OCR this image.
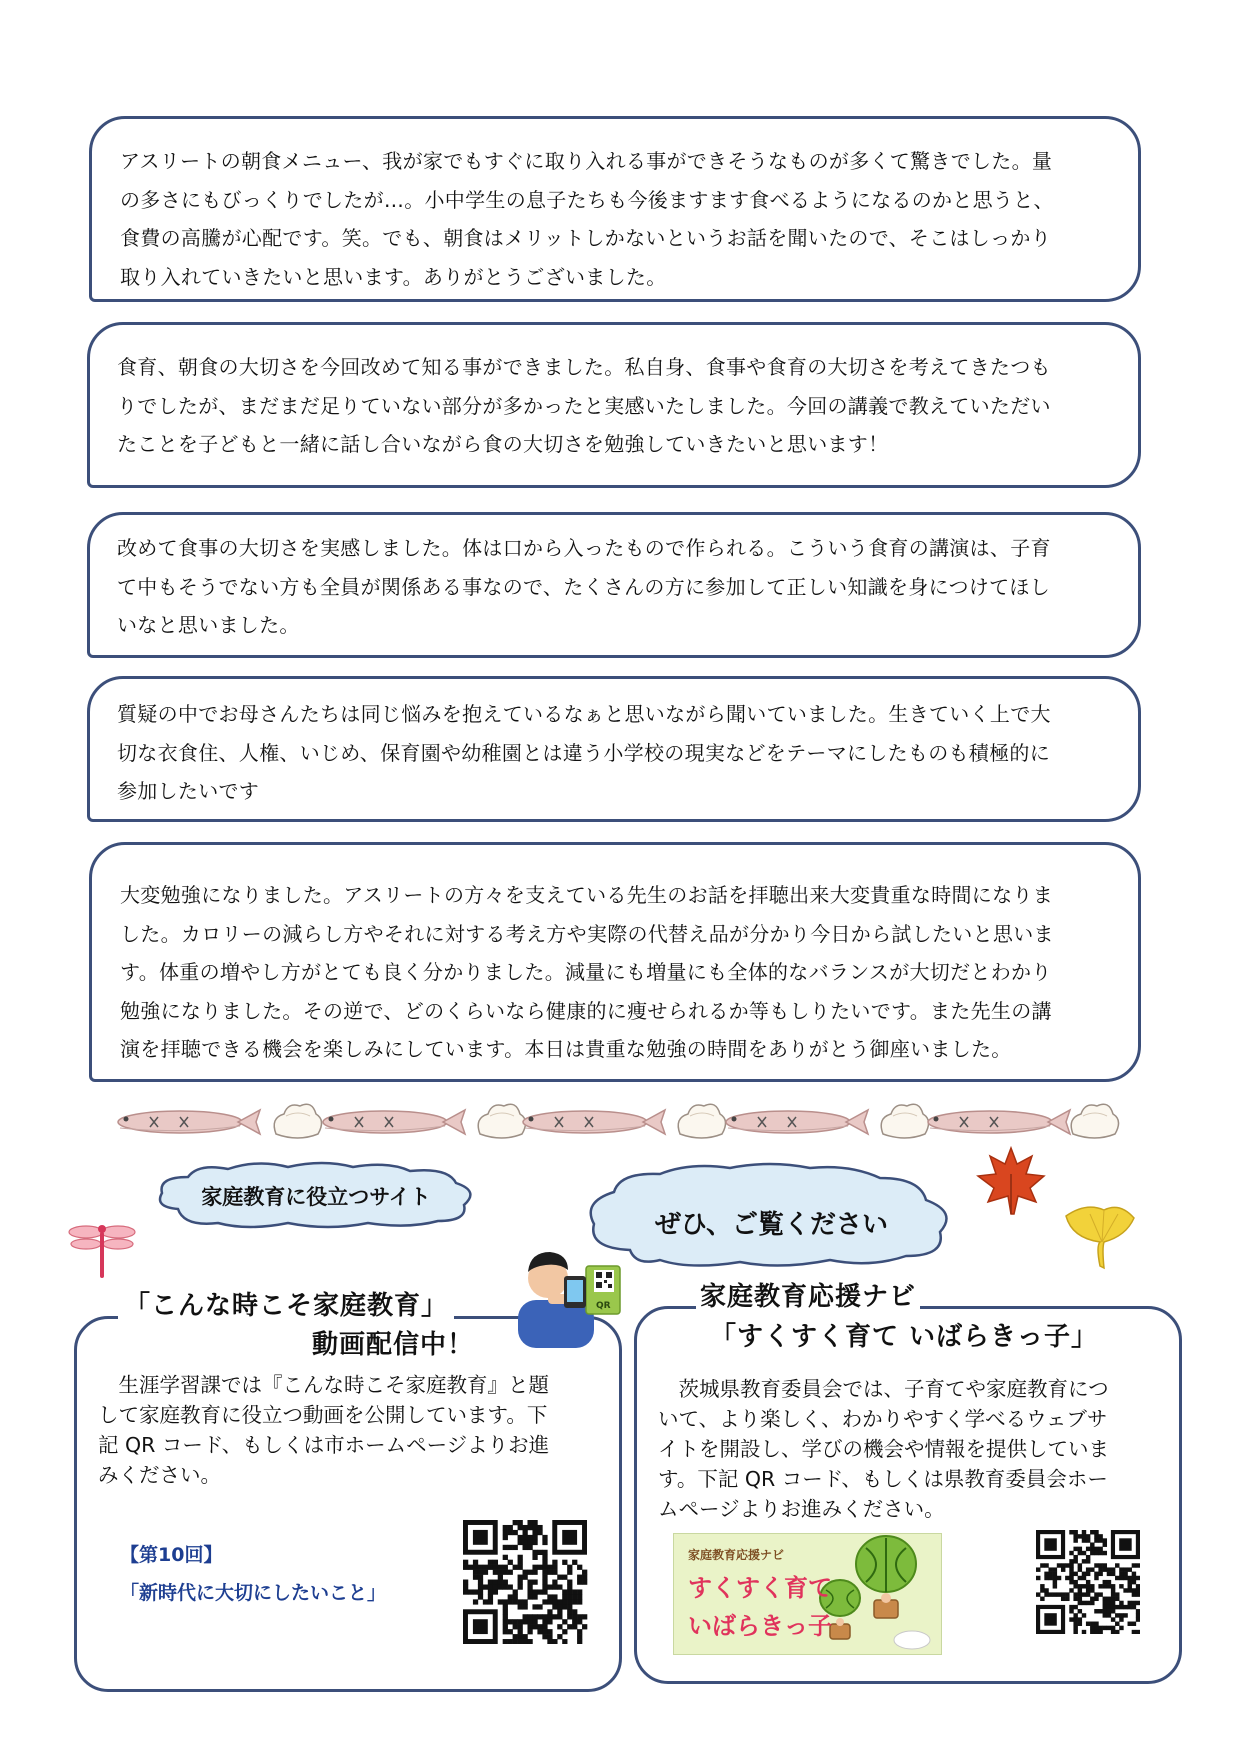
アスリートの朝食メニュー、我が家でもすぐに取り入れる事ができそうなものが多くて驚きでした。量
の多さにもびっくりでしたが…。小中学生の息子たちも今後ますます食べるようになるのかと思うと、
食費の高騰が心配です。笑。でも、朝食はメリットしかないというお話を聞いたので、そこはしっかり
取り入れていきたいと思います。ありがとうございました。
食育、朝食の大切さを今回改めて知る事ができました。私自身、食事や食育の大切さを考えてきたつも
りでしたが、まだまだ足りていない部分が多かったと実感いたしました。今回の講義で教えていただい
たことを子どもと一緒に話し合いながら食の大切さを勉強していきたいと思います！
改めて食事の大切さを実感しました。体は口から入ったもので作られる。こういう食育の講演は、子育
て中もそうでない方も全員が関係ある事なので、たくさんの方に参加して正しい知識を身につけてほし
いなと思いました。
質疑の中でお母さんたちは同じ悩みを抱えているなぁと思いながら聞いていました。生きていく上で大
切な衣食住、人権、いじめ、保育園や幼稚園とは違う小学校の現実などをテーマにしたものも積極的に
参加したいです
大変勉強になりました。アスリートの方々を支えている先生のお話を拝聴出来大変貴重な時間になりま
した。カロリーの減らし方やそれに対する考え方や実際の代替え品が分かり今日から試したいと思いま
す。体重の増やし方がとても良く分かりました。減量にも増量にも全体的なバランスが大切だとわかり
勉強になりました。その逆で、どのくらいなら健康的に痩せられるか等もしりたいです。また先生の講
演を拝聴できる機会を楽しみにしています。本日は貴重な勉強の時間をありがとう御座いました。
家庭教育に役立つサイト
ぜひ、ご覧ください
「こんな時こそ家庭教育」
動画配信中！
QR
　生涯学習課では『こんな時こそ家庭教育』と題
して家庭教育に役立つ動画を公開しています。下
記 QR コード、もしくは市ホームページよりお進
みください。
【第10回】
「新時代に大切にしたいこと」
家庭教育応援ナビ
「すくすく育て いばらきっ子」
　茨城県教育委員会では、子育てや家庭教育につ
いて、より楽しく、わかりやすく学べるウェブサ
イトを開設し、学びの機会や情報を提供していま
す。下記 QR コード、もしくは県教育委員会ホー
ムページよりお進みください。
家庭教育応援ナビ
すくすく育て
いばらきっ子
